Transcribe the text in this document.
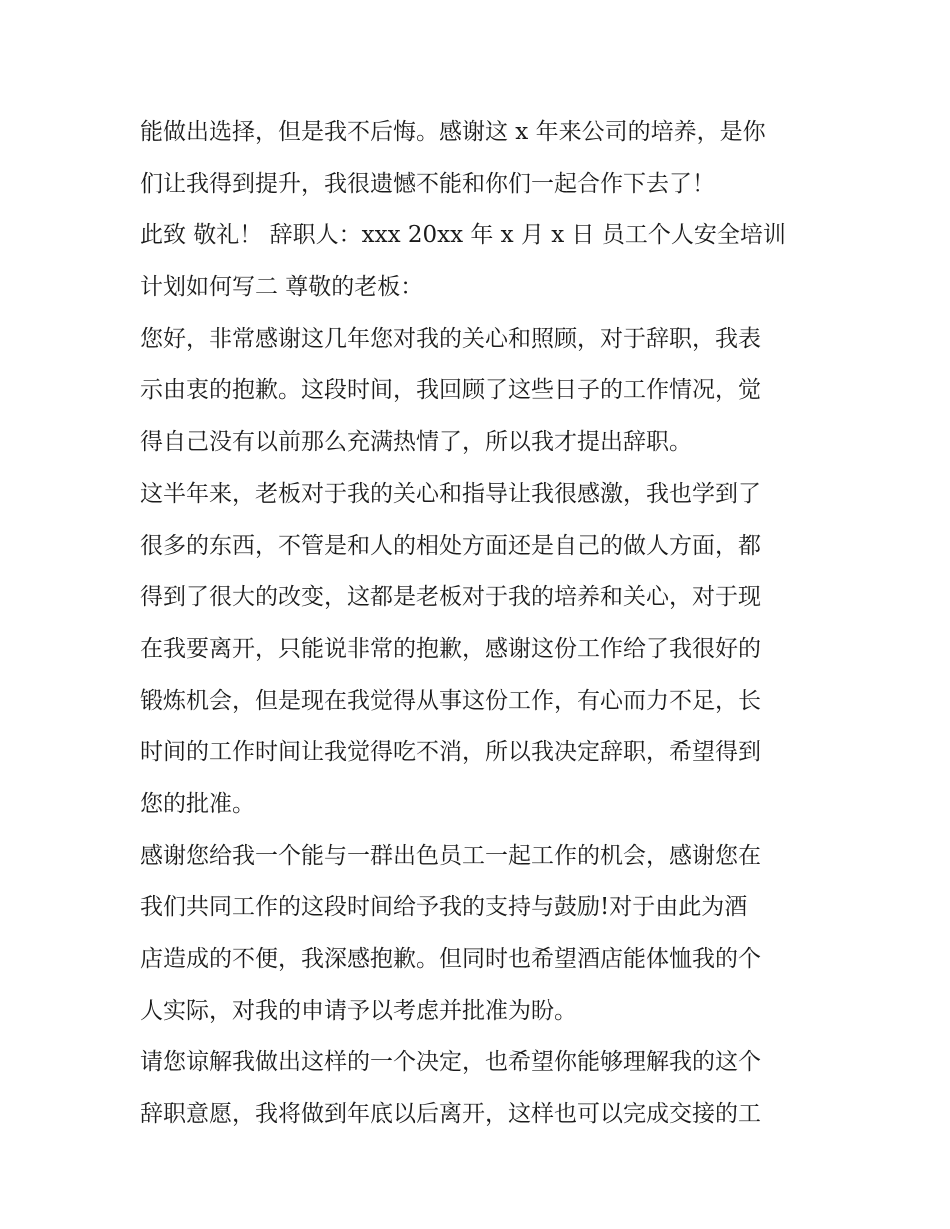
能做出选择，但是我不后悔。感谢这 x 年来公司的培养，是你
们让我得到提升，我很遗憾不能和你们一起合作下去了！
此致 敬礼！ 辞职人：xxx 20xx 年 x 月 x 日 员工个人安全培训
计划如何写二 尊敬的老板：
您好，非常感谢这几年您对我的关心和照顾，对于辞职，我表
示由衷的抱歉。这段时间，我回顾了这些日子的工作情况，觉
得自己没有以前那么充满热情了，所以我才提出辞职。
这半年来，老板对于我的关心和指导让我很感激，我也学到了
很多的东西，不管是和人的相处方面还是自己的做人方面，都
得到了很大的改变，这都是老板对于我的培养和关心，对于现
在我要离开，只能说非常的抱歉，感谢这份工作给了我很好的
锻炼机会，但是现在我觉得从事这份工作，有心而力不足，长
时间的工作时间让我觉得吃不消，所以我决定辞职，希望得到
您的批准。
感谢您给我一个能与一群出色员工一起工作的机会，感谢您在
我们共同工作的这段时间给予我的支持与鼓励!对于由此为酒
店造成的不便，我深感抱歉。但同时也希望酒店能体恤我的个
人实际，对我的申请予以考虑并批准为盼。
请您谅解我做出这样的一个决定，也希望你能够理解我的这个
辞职意愿，我将做到年底以后离开，这样也可以完成交接的工
